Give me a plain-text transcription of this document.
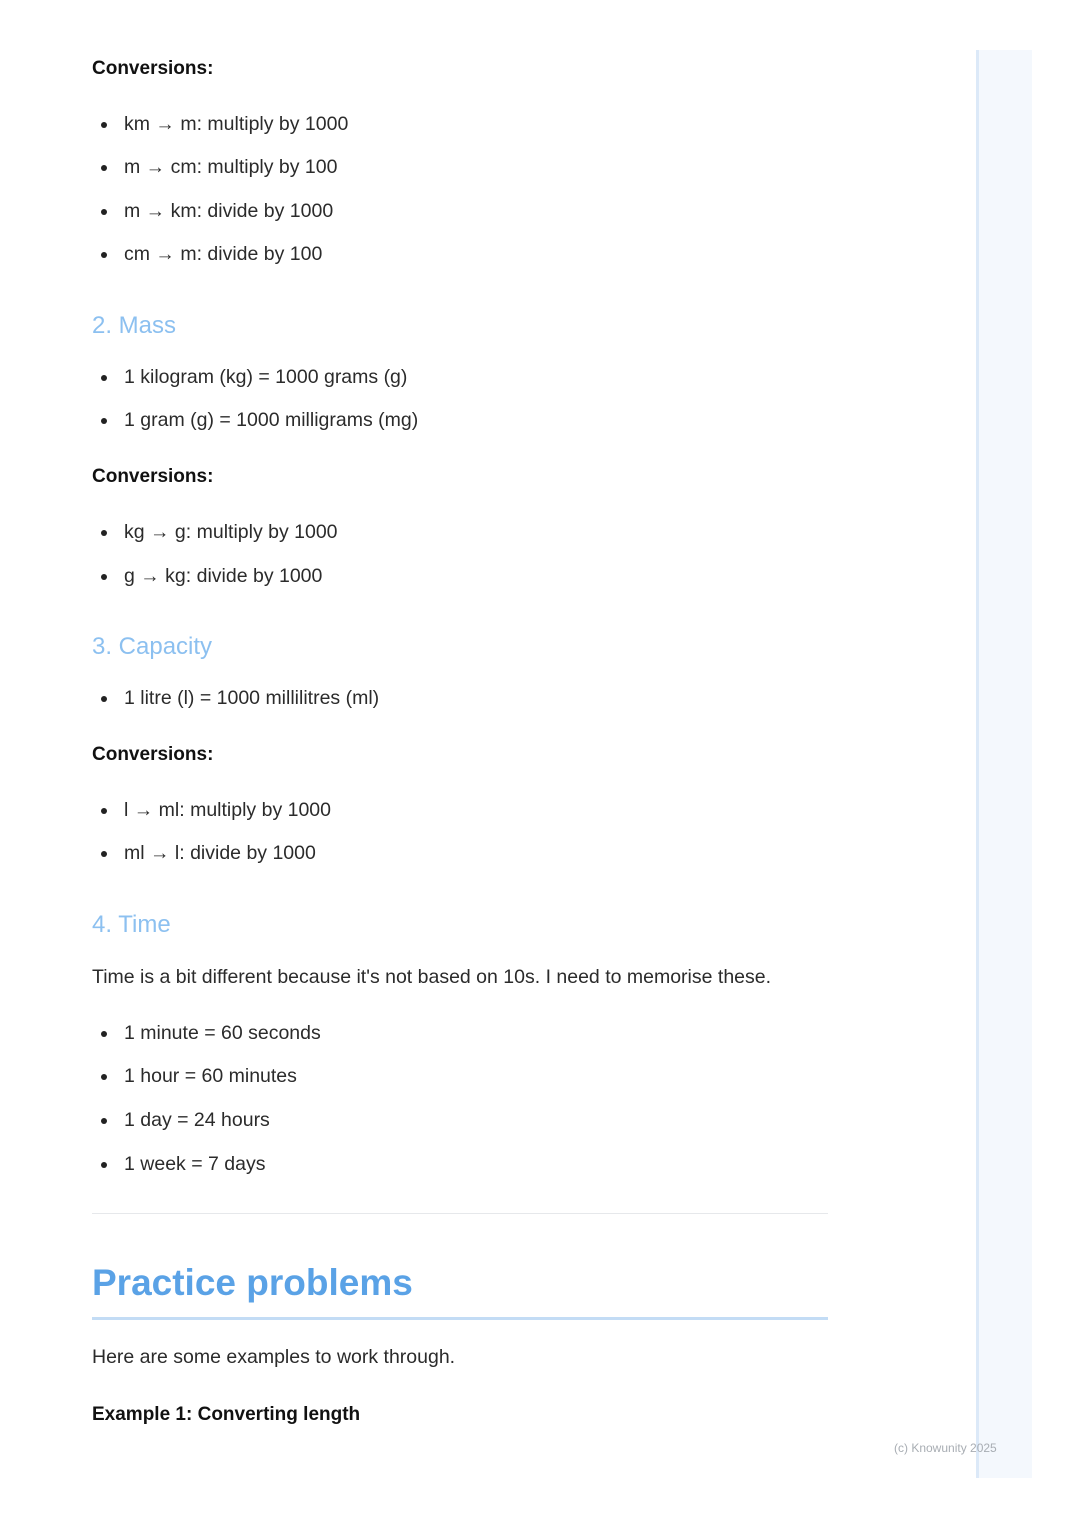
Conversions:
km → m: multiply by 1000
m → cm: multiply by 100
m → km: divide by 1000
cm → m: divide by 100
2. Mass
1 kilogram (kg) = 1000 grams (g)
1 gram (g) = 1000 milligrams (mg)
Conversions:
kg → g: multiply by 1000
g → kg: divide by 1000
3. Capacity
1 litre (l) = 1000 millilitres (ml)
Conversions:
l → ml: multiply by 1000
ml → l: divide by 1000
4. Time
Time is a bit different because it's not based on 10s. I need to memorise these.
1 minute = 60 seconds
1 hour = 60 minutes
1 day = 24 hours
1 week = 7 days
Practice problems
Here are some examples to work through.
Example 1: Converting length
(c) Knowunity 2025
